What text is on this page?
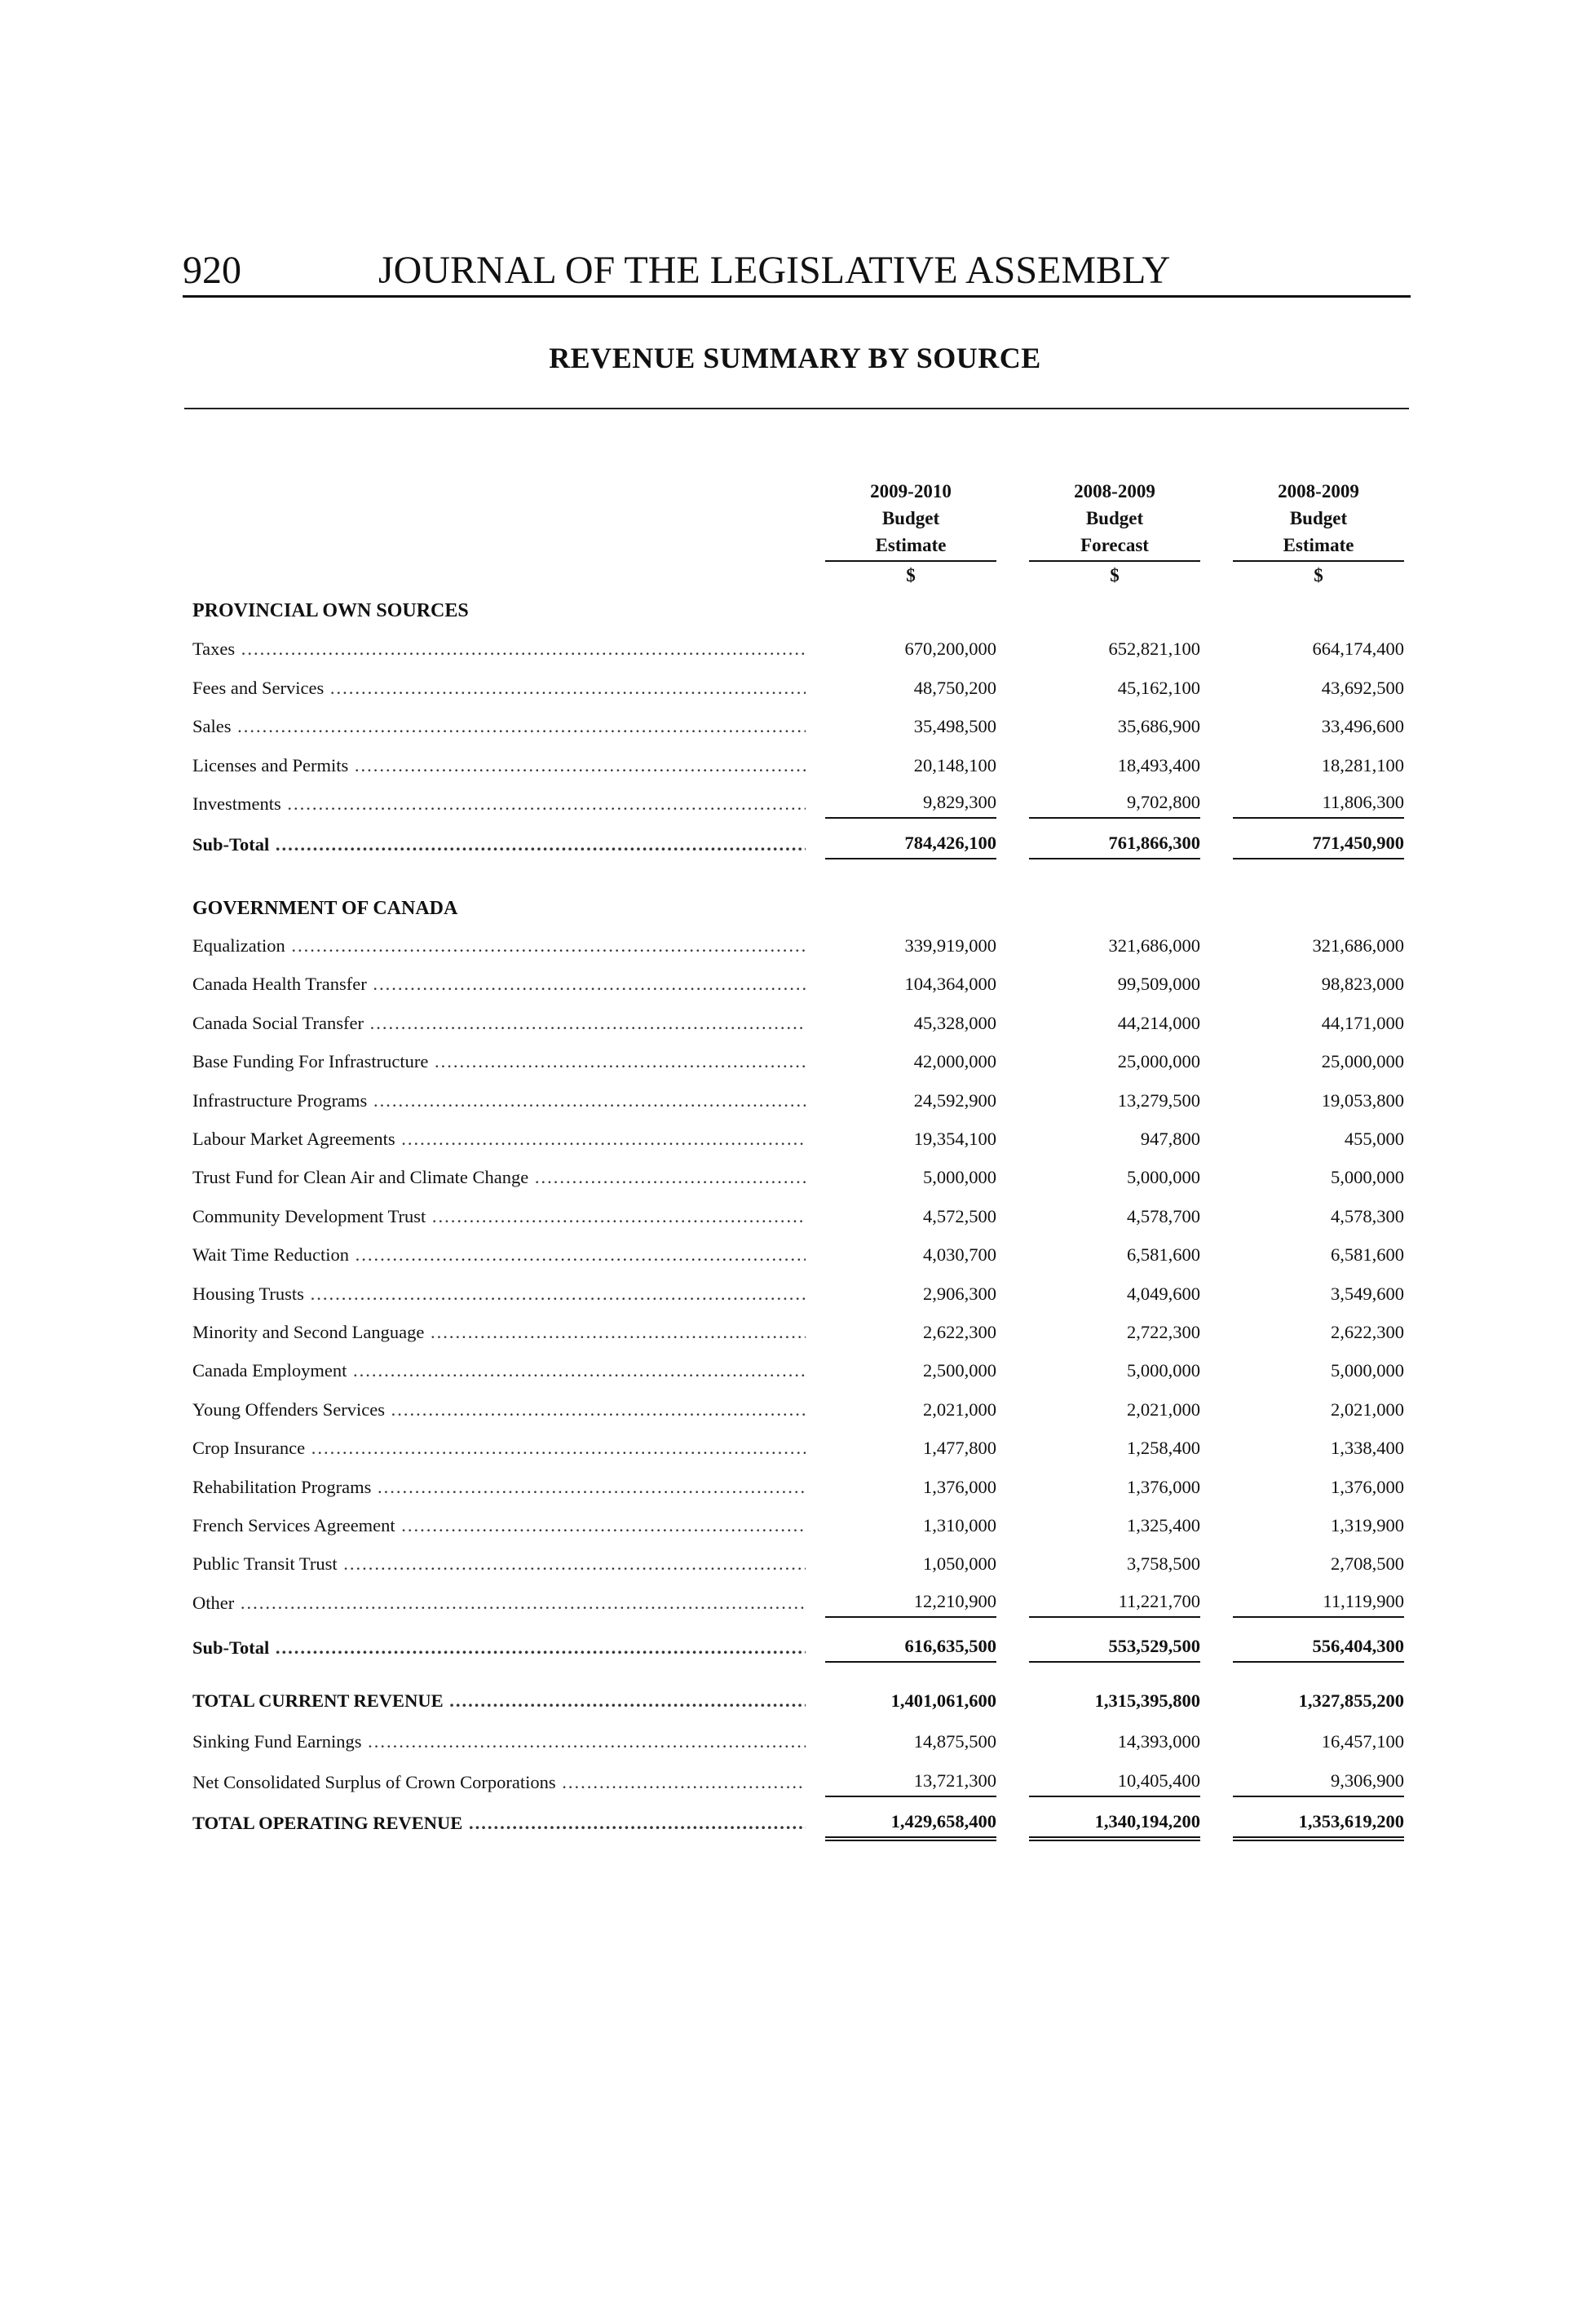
920	JOURNAL OF THE LEGISLATIVE ASSEMBLY
REVENUE SUMMARY BY SOURCE
2009-2010
Budget
Estimate
$
2008-2009
Budget
Forecast
$
2008-2009
Budget
Estimate
$
PROVINCIAL OWN SOURCES
GOVERNMENT OF CANADA
Taxes .....	670,200,000	652,821,100	664,174,400
Fees and Services .....	48,750,200	45,162,100	43,692,500
Sales .....	35,498,500	35,686,900	33,496,600
Licenses and Permits .....	20,148,100	18,493,400	18,281,100
Investments .....	9,829,300	9,702,800	11,806,300
Sub-Total .....	784,426,100	761,866,300	771,450,900
Equalization .....	339,919,000	321,686,000	321,686,000
Canada Health Transfer .....	104,364,000	99,509,000	98,823,000
Canada Social Transfer .....	45,328,000	44,214,000	44,171,000
Base Funding For Infrastructure .....	42,000,000	25,000,000	25,000,000
Infrastructure Programs .....	24,592,900	13,279,500	19,053,800
Labour Market Agreements .....	19,354,100	947,800	455,000
Trust Fund for Clean Air and Climate Change .....	5,000,000	5,000,000	5,000,000
Community Development Trust .....	4,572,500	4,578,700	4,578,300
Wait Time Reduction .....	4,030,700	6,581,600	6,581,600
Housing Trusts .....	2,906,300	4,049,600	3,549,600
Minority and Second Language .....	2,622,300	2,722,300	2,622,300
Canada Employment .....	2,500,000	5,000,000	5,000,000
Young Offenders Services .....	2,021,000	2,021,000	2,021,000
Crop Insurance .....	1,477,800	1,258,400	1,338,400
Rehabilitation Programs .....	1,376,000	1,376,000	1,376,000
French Services Agreement .....	1,310,000	1,325,400	1,319,900
Public Transit Trust .....	1,050,000	3,758,500	2,708,500
Other .....	12,210,900	11,221,700	11,119,900
Sub-Total .....	616,635,500	553,529,500	556,404,300
TOTAL CURRENT REVENUE .....	1,401,061,600	1,315,395,800	1,327,855,200
Sinking Fund Earnings .....	14,875,500	14,393,000	16,457,100
Net Consolidated Surplus of Crown Corporations .....	13,721,300	10,405,400	9,306,900
TOTAL OPERATING REVENUE .....	1,429,658,400	1,340,194,200	1,353,619,200
